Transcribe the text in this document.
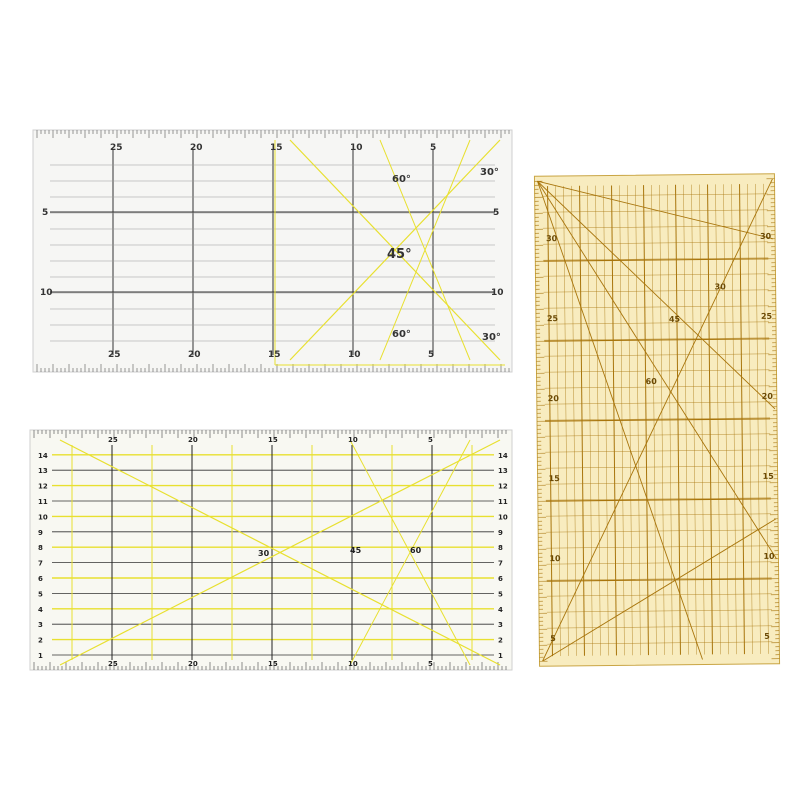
25	20	15	10	5
25	20	15	10	5
5
10
5
10
60°
30°
45°
60°	30°
1	1
2	2
3	3
4	4
5	5
6	6
7	7
8	8
9	9
10	10
11	11
12	12
13	13
14	14
25
25
20
20
15
15
10
10
5
5
30	45	60
5	5
10	10
15	15
20	20
25	25
30	30
30
45
60
